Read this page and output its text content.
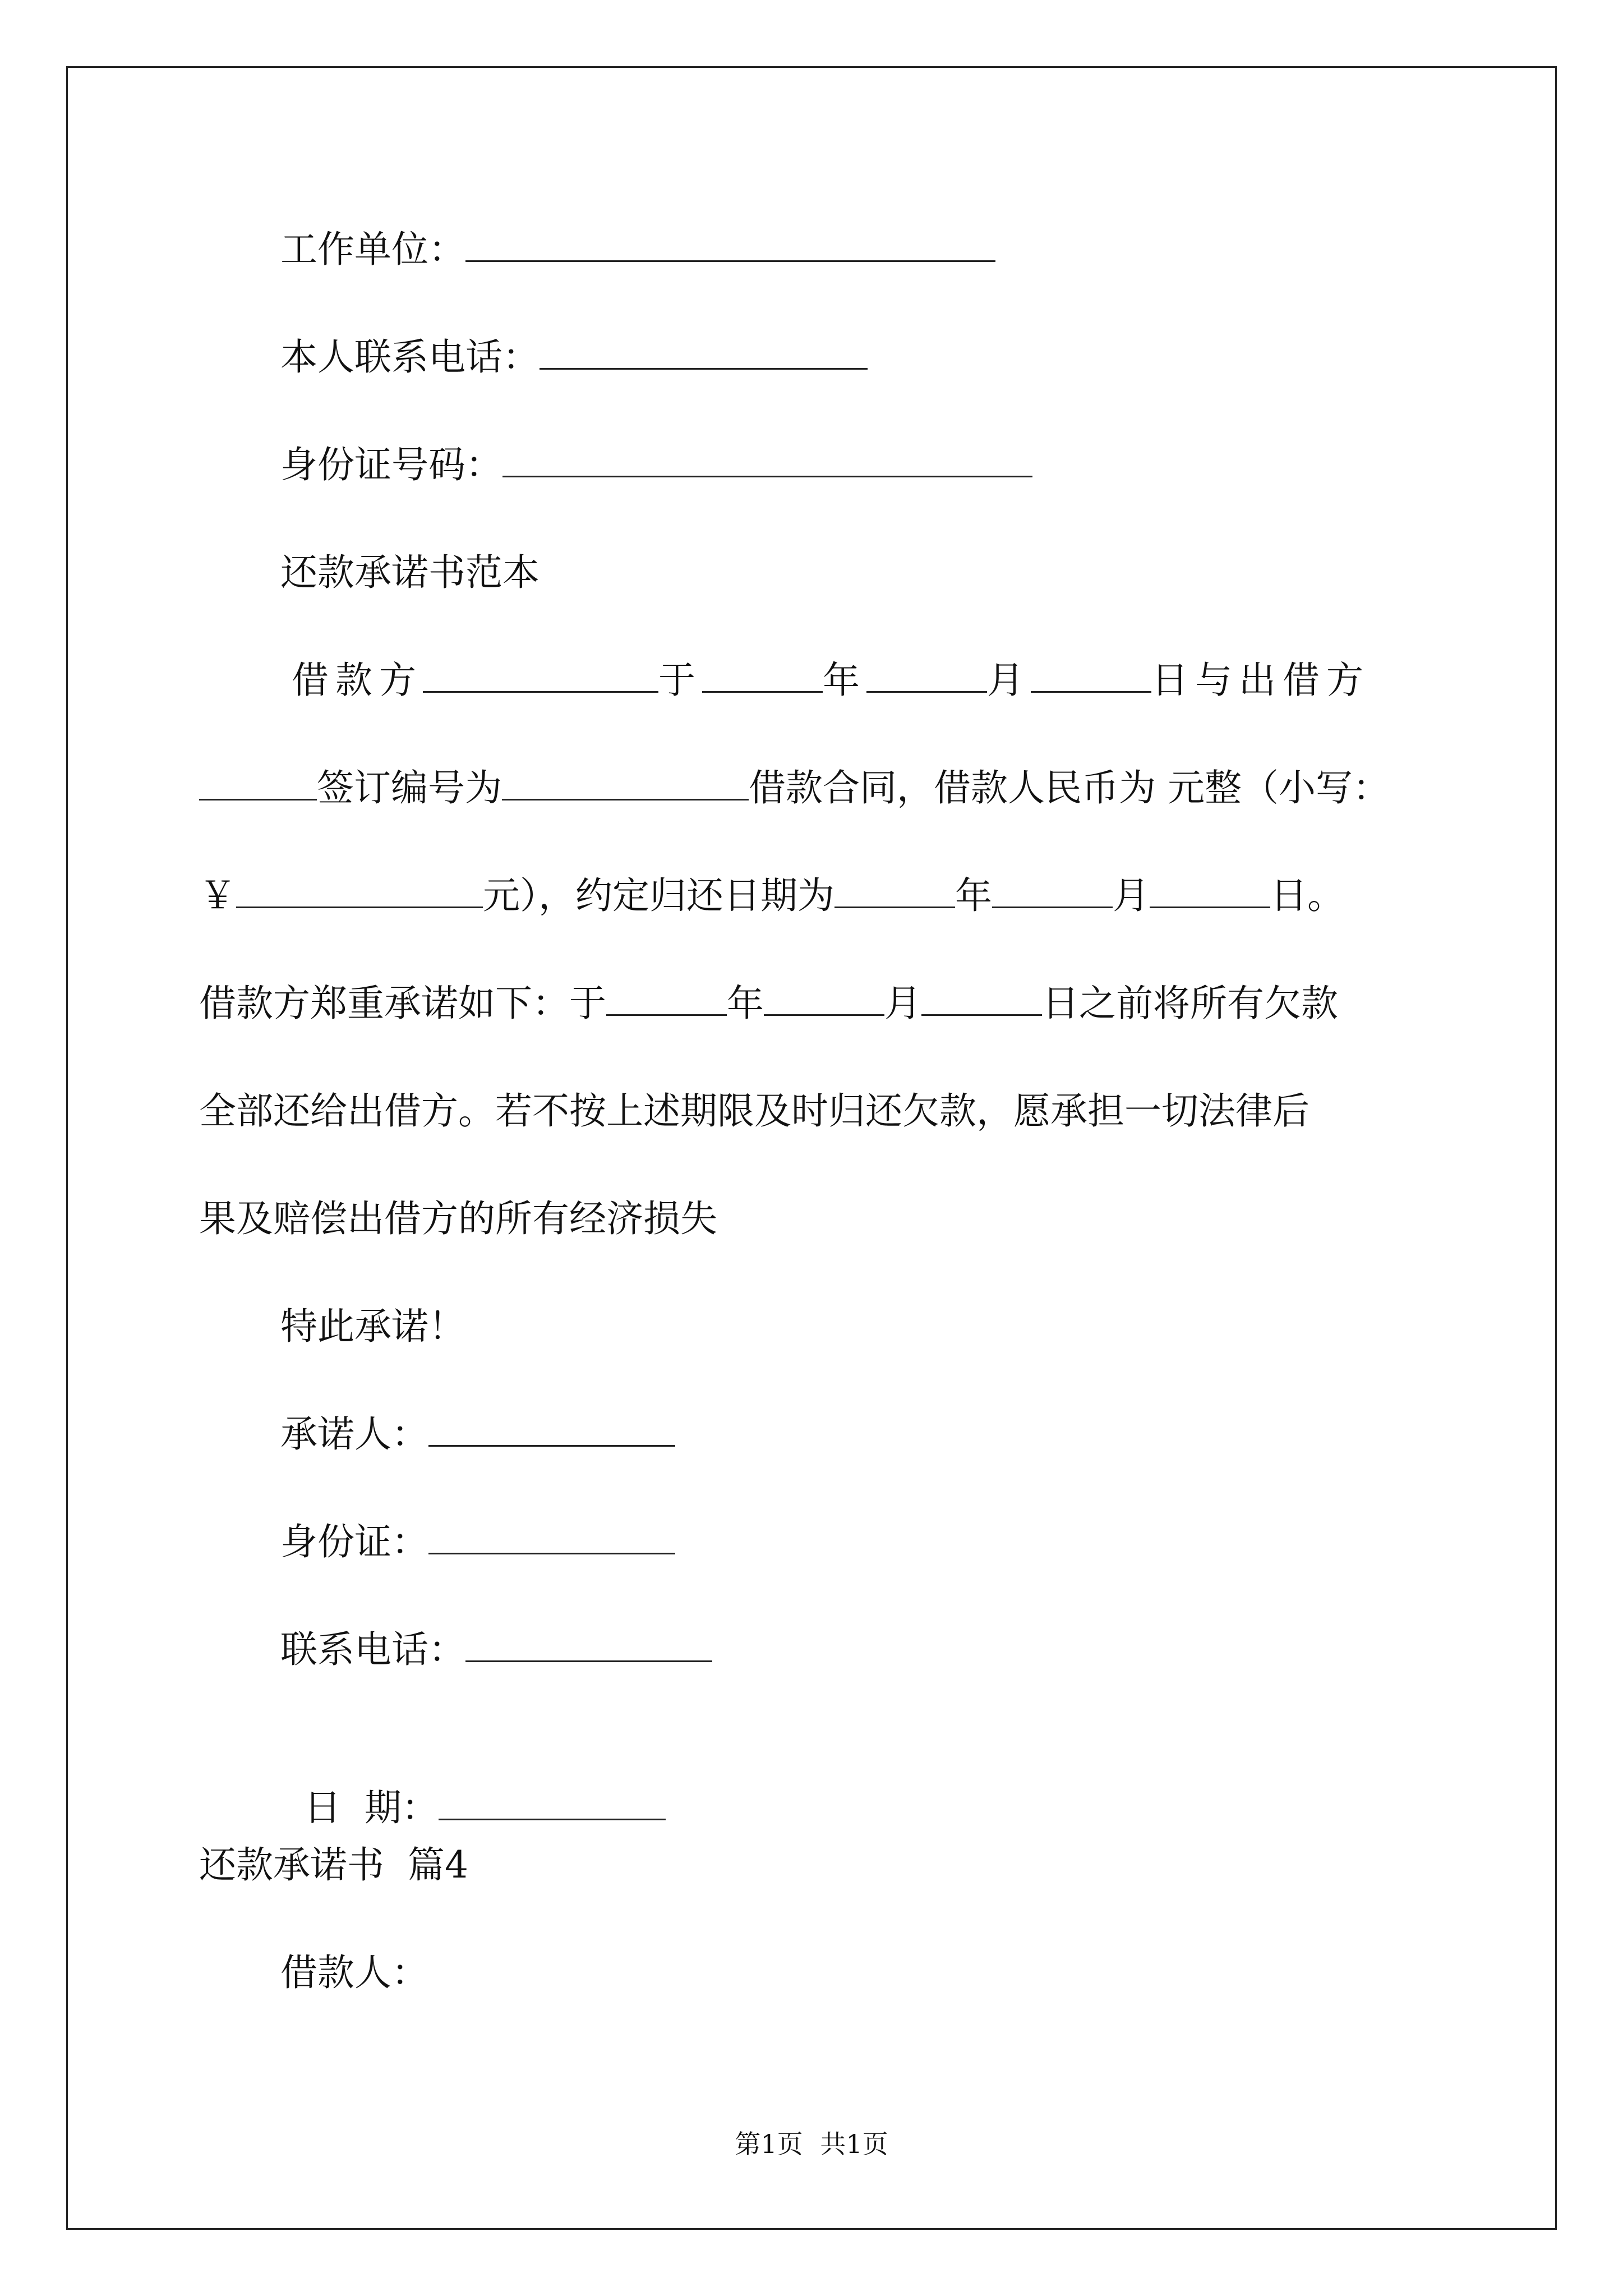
工作单位：
本人联系电话：
身份证号码：
还款承诺书范本
借款方	于	年	月	日与出借方
签订编号为	借款合同，借款人民币为 元整（小写：
￥	元），约定归还日期为	年	月	日。
借款方郑重承诺如下：于	年	月	日之前将所有欠款
全部还给出借方。若不按上述期限及时归还欠款，愿承担一切法律后
果及赔偿出借方的所有经济损失
特此承诺！
承诺人：
身份证：
联系电话：

日  期：

还款承诺书  篇4
借款人：
第1页 共1页
